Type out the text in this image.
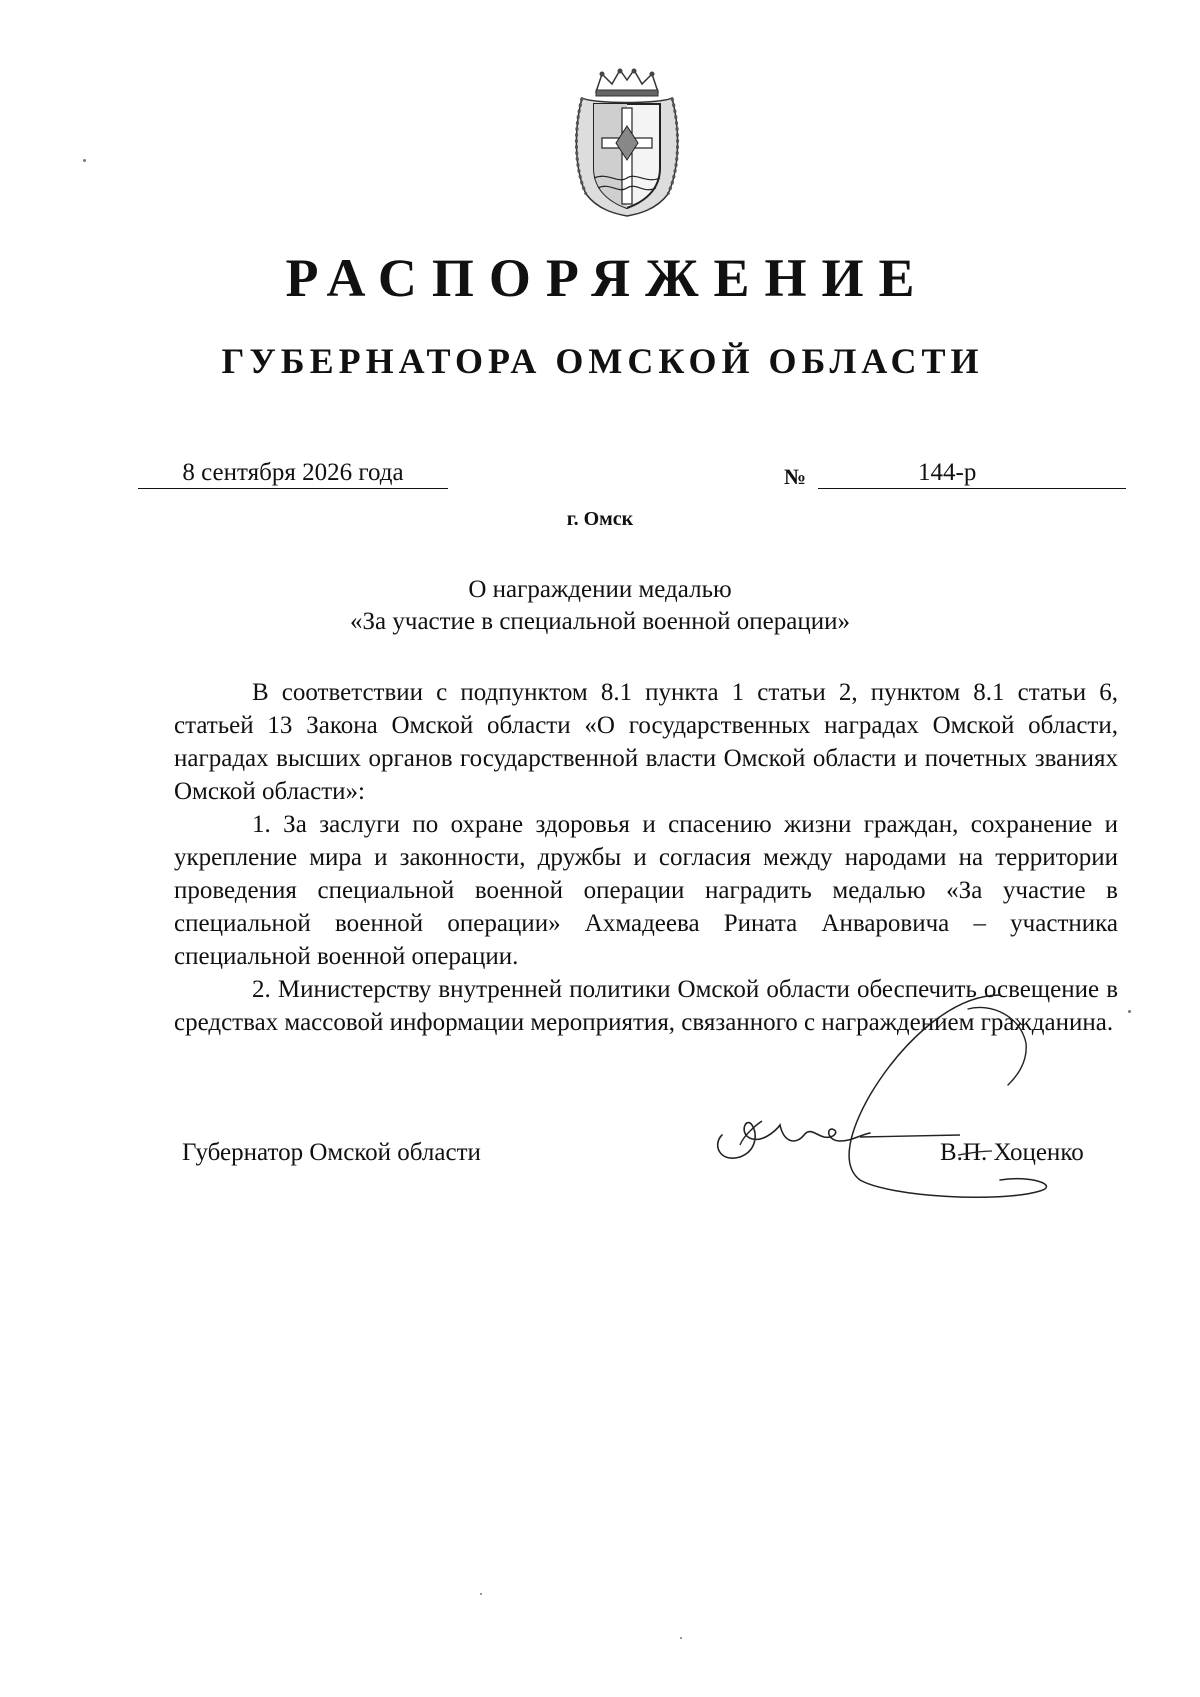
РАСПОРЯЖЕНИЕ
ГУБЕРНАТОРА ОМСКОЙ ОБЛАСТИ
8 сентября 2026 года	№	144-р
г. Омск
О награждении медалью
«За участие в специальной военной операции»

В соответствии с подпунктом 8.1 пункта 1 статьи 2, пунктом 8.1 статьи 6, статьей 13 Закона Омской области «О государственных наградах Омской области, наградах высших органов государственной власти Омской области и почетных званиях Омской области»:

1. За заслуги по охране здоровья и спасению жизни граждан, сохранение и укрепление мира и законности, дружбы и согласия между народами на территории проведения специальной военной операции наградить медалью «За участие в специальной военной операции» Ахмадеева Рината Анваровича – участника специальной военной операции.

2. Министерству внутренней политики Омской области обеспечить освещение в средствах массовой информации мероприятия, связанного с награждением гражданина.

Губернатор Омской области	В.П. Хоценко
